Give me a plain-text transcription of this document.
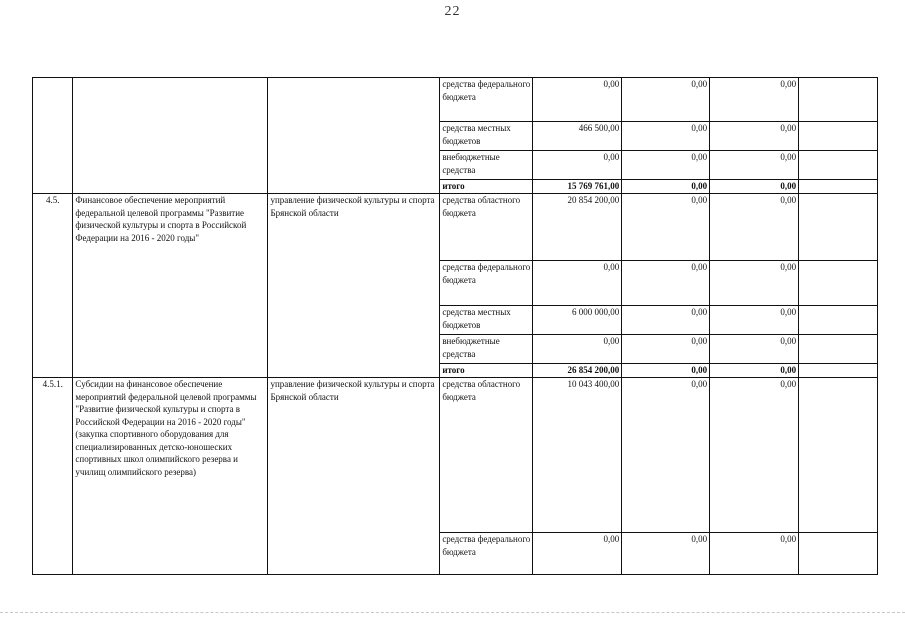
22
			средства федерального бюджета	0,00	0,00	0,00	
			средства местных бюджетов	466 500,00	0,00	0,00	
			внебюджетные средства	0,00	0,00	0,00	
			итого	15 769 761,00	0,00	0,00	
4.5.	Финансовое обеспечение мероприятий федеральной целевой программы "Развитие физической культуры и спорта в Российской Федерации на 2016 - 2020 годы"	управление физической культуры и спорта Брянской области	средства областного бюджета	20 854 200,00	0,00	0,00	
			средства федерального бюджета	0,00	0,00	0,00	
			средства местных бюджетов	6 000 000,00	0,00	0,00	
			внебюджетные средства	0,00	0,00	0,00	
			итого	26 854 200,00	0,00	0,00	
4.5.1.	Субсидии на финансовое обеспечение мероприятий федеральной целевой программы "Развитие физической культуры и спорта в Российской Федерации на 2016 - 2020 годы" (закупка спортивного оборудования для специализированных детско-юношеских спортивных школ олимпийского резерва и училищ олимпийского резерва)	управление физической культуры и спорта Брянской области	средства областного бюджета	10 043 400,00	0,00	0,00	
			средства федерального бюджета	0,00	0,00	0,00	
